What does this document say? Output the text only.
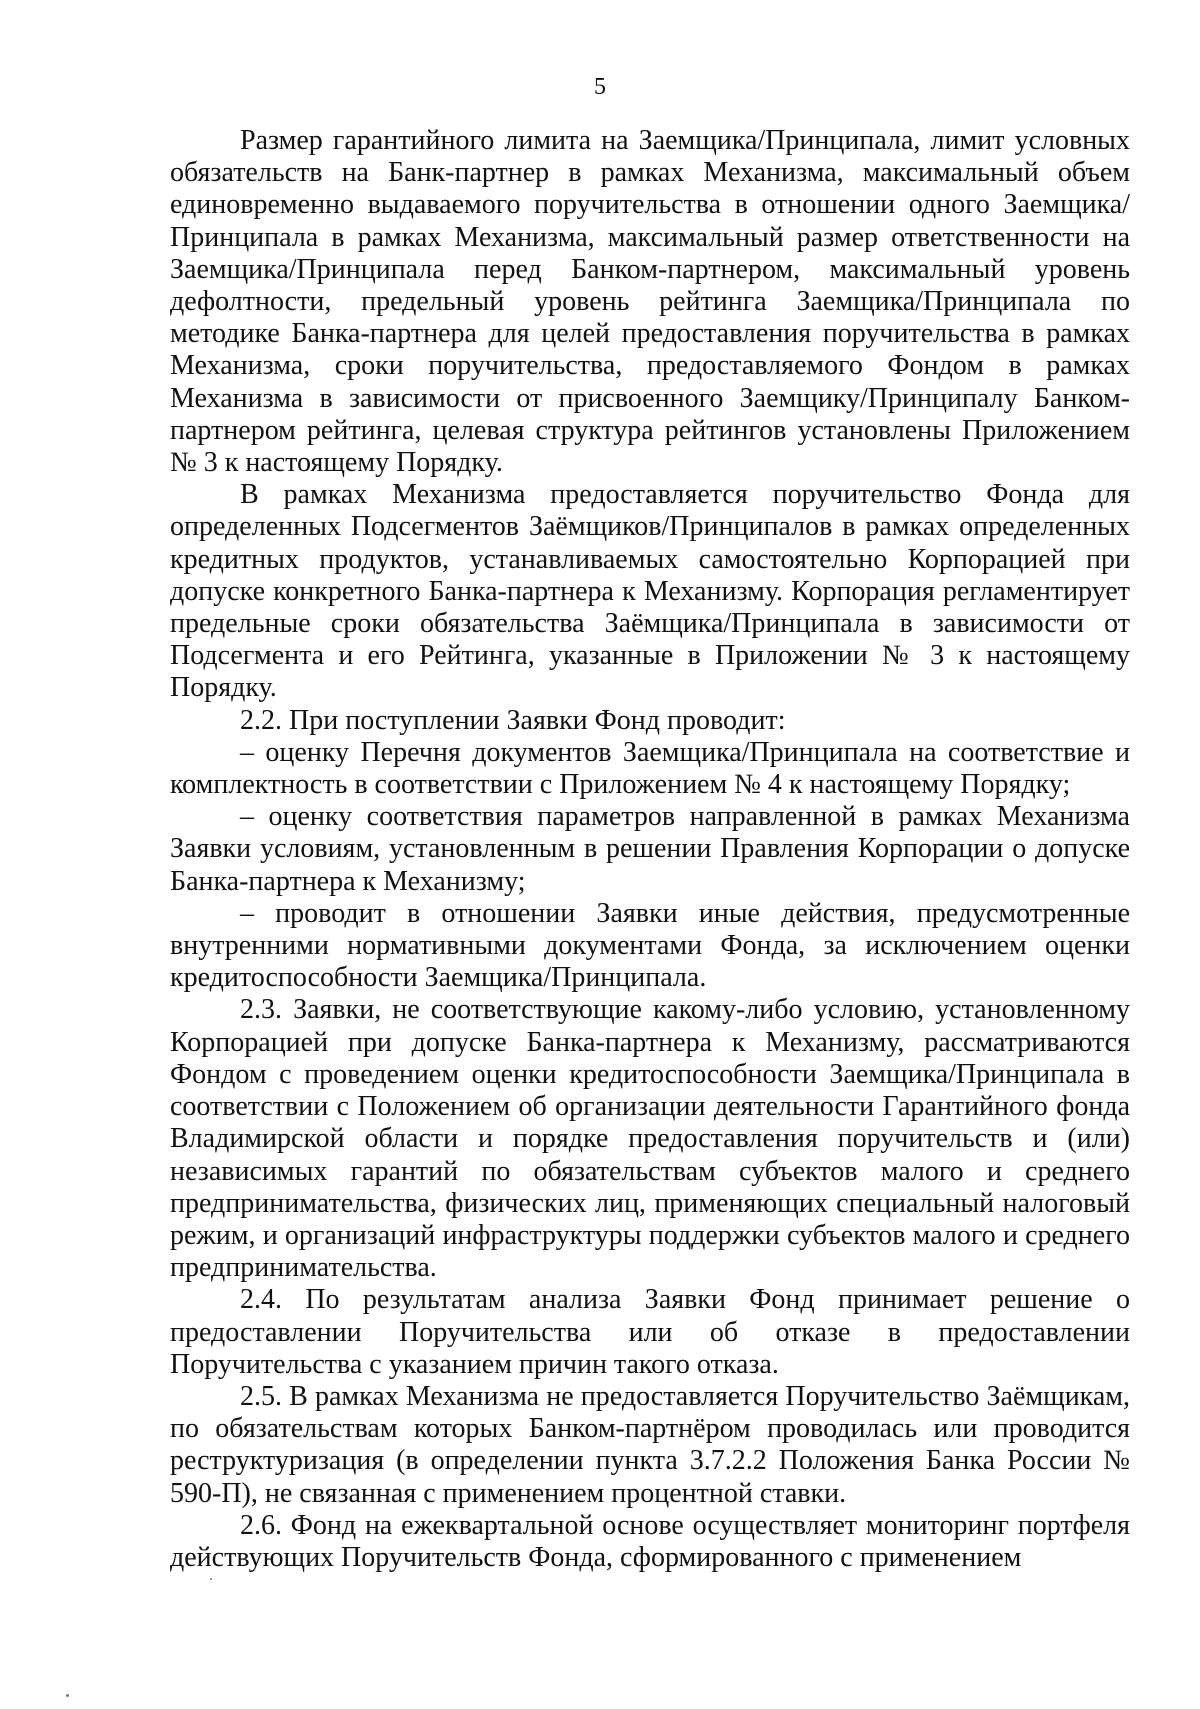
5

Размер гарантийного лимита на Заемщика/Принципала, лимит условных обязательств на Банк-партнер в рамках Механизма, максимальный объем единовременно выдаваемого поручительства в отношении одного Заемщика/Принципала в рамках Механизма, максимальный размер ответственности на Заемщика/Принципала перед Банком-партнером, максимальный уровень дефолтности, предельный уровень рейтинга Заемщика/Принципала по методике Банка-партнера для целей предоставления поручительства в рамках Механизма, сроки поручительства, предоставляемого Фондом в рамках Механизма в зависимости от присвоенного Заемщику/Принципалу Банком-партнером рейтинга, целевая структура рейтингов установлены Приложением № 3 к настоящему Порядку.

В рамках Механизма предоставляется поручительство Фонда для определенных Подсегментов Заёмщиков/Принципалов в рамках определенных кредитных продуктов, устанавливаемых самостоятельно Корпорацией при допуске конкретного Банка-партнера к Механизму. Корпорация регламентирует предельные сроки обязательства Заёмщика/Принципала в зависимости от Подсегмента и его Рейтинга, указанные в Приложении № 3 к настоящему Порядку.

2.2. При поступлении Заявки Фонд проводит:

– оценку Перечня документов Заемщика/Принципала на соответствие и комплектность в соответствии с Приложением № 4 к настоящему Порядку;

– оценку соответствия параметров направленной в рамках Механизма Заявки условиям, установленным в решении Правления Корпорации о допуске Банка-партнера к Механизму;

– проводит в отношении Заявки иные действия, предусмотренные внутренними нормативными документами Фонда, за исключением оценки кредитоспособности Заемщика/Принципала.

2.3. Заявки, не соответствующие какому-либо условию, установленному Корпорацией при допуске Банка-партнера к Механизму, рассматриваются Фондом с проведением оценки кредитоспособности Заемщика/Принципала в соответствии с Положением об организации деятельности Гарантийного фонда Владимирской области и порядке предоставления поручительств и (или) независимых гарантий по обязательствам субъектов малого и среднего предпринимательства, физических лиц, применяющих специальный налоговый режим, и организаций инфраструктуры поддержки субъектов малого и среднего предпринимательства.

2.4. По результатам анализа Заявки Фонд принимает решение о предоставлении Поручительства или об отказе в предоставлении Поручительства с указанием причин такого отказа.

2.5. В рамках Механизма не предоставляется Поручительство Заёмщикам, по обязательствам которых Банком-партнёром проводилась или проводится реструктуризация (в определении пункта 3.7.2.2 Положения Банка России № 590-П), не связанная с применением процентной ставки.

2.6. Фонд на ежеквартальной основе осуществляет мониторинг портфеля действующих Поручительств Фонда, сформированного с применением
